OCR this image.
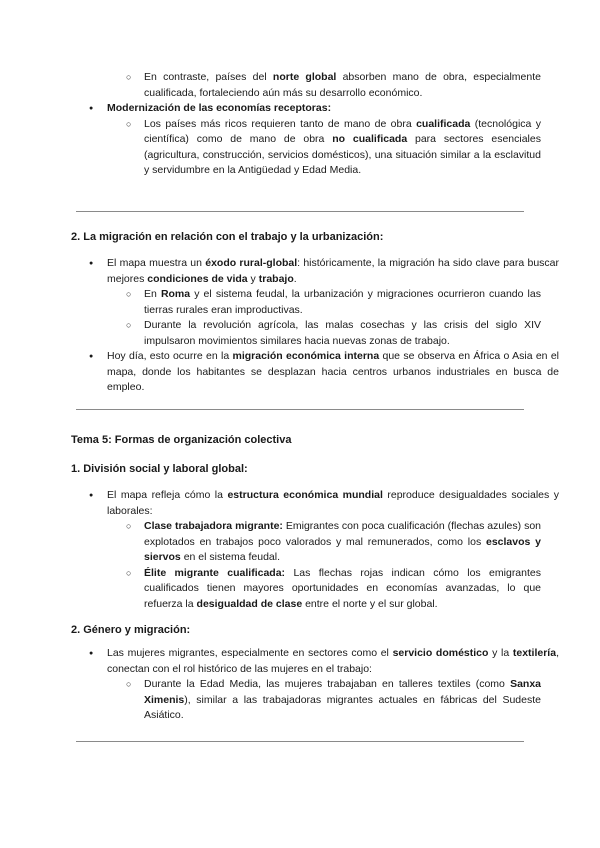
○ En contraste, países del norte global absorben mano de obra, especialmente cualificada, fortaleciendo aún más su desarrollo económico.
● Modernización de las economías receptoras:
○ Los países más ricos requieren tanto de mano de obra cualificada (tecnológica y científica) como de mano de obra no cualificada para sectores esenciales (agricultura, construcción, servicios domésticos), una situación similar a la esclavitud y servidumbre en la Antigüedad y Edad Media.
2. La migración en relación con el trabajo y la urbanización:
● El mapa muestra un éxodo rural-global: históricamente, la migración ha sido clave para buscar mejores condiciones de vida y trabajo.
○ En Roma y el sistema feudal, la urbanización y migraciones ocurrieron cuando las tierras rurales eran improductivas.
○ Durante la revolución agrícola, las malas cosechas y las crisis del siglo XIV impulsaron movimientos similares hacia nuevas zonas de trabajo.
● Hoy día, esto ocurre en la migración económica interna que se observa en África o Asia en el mapa, donde los habitantes se desplazan hacia centros urbanos industriales en busca de empleo.
Tema 5: Formas de organización colectiva
1. División social y laboral global:
● El mapa refleja cómo la estructura económica mundial reproduce desigualdades sociales y laborales:
○ Clase trabajadora migrante: Emigrantes con poca cualificación (flechas azules) son explotados en trabajos poco valorados y mal remunerados, como los esclavos y siervos en el sistema feudal.
○ Élite migrante cualificada: Las flechas rojas indican cómo los emigrantes cualificados tienen mayores oportunidades en economías avanzadas, lo que refuerza la desigualdad de clase entre el norte y el sur global.
2. Género y migración:
● Las mujeres migrantes, especialmente en sectores como el servicio doméstico y la textilería, conectan con el rol histórico de las mujeres en el trabajo:
○ Durante la Edad Media, las mujeres trabajaban en talleres textiles (como Sanxa Ximenis), similar a las trabajadoras migrantes actuales en fábricas del Sudeste Asiático.
